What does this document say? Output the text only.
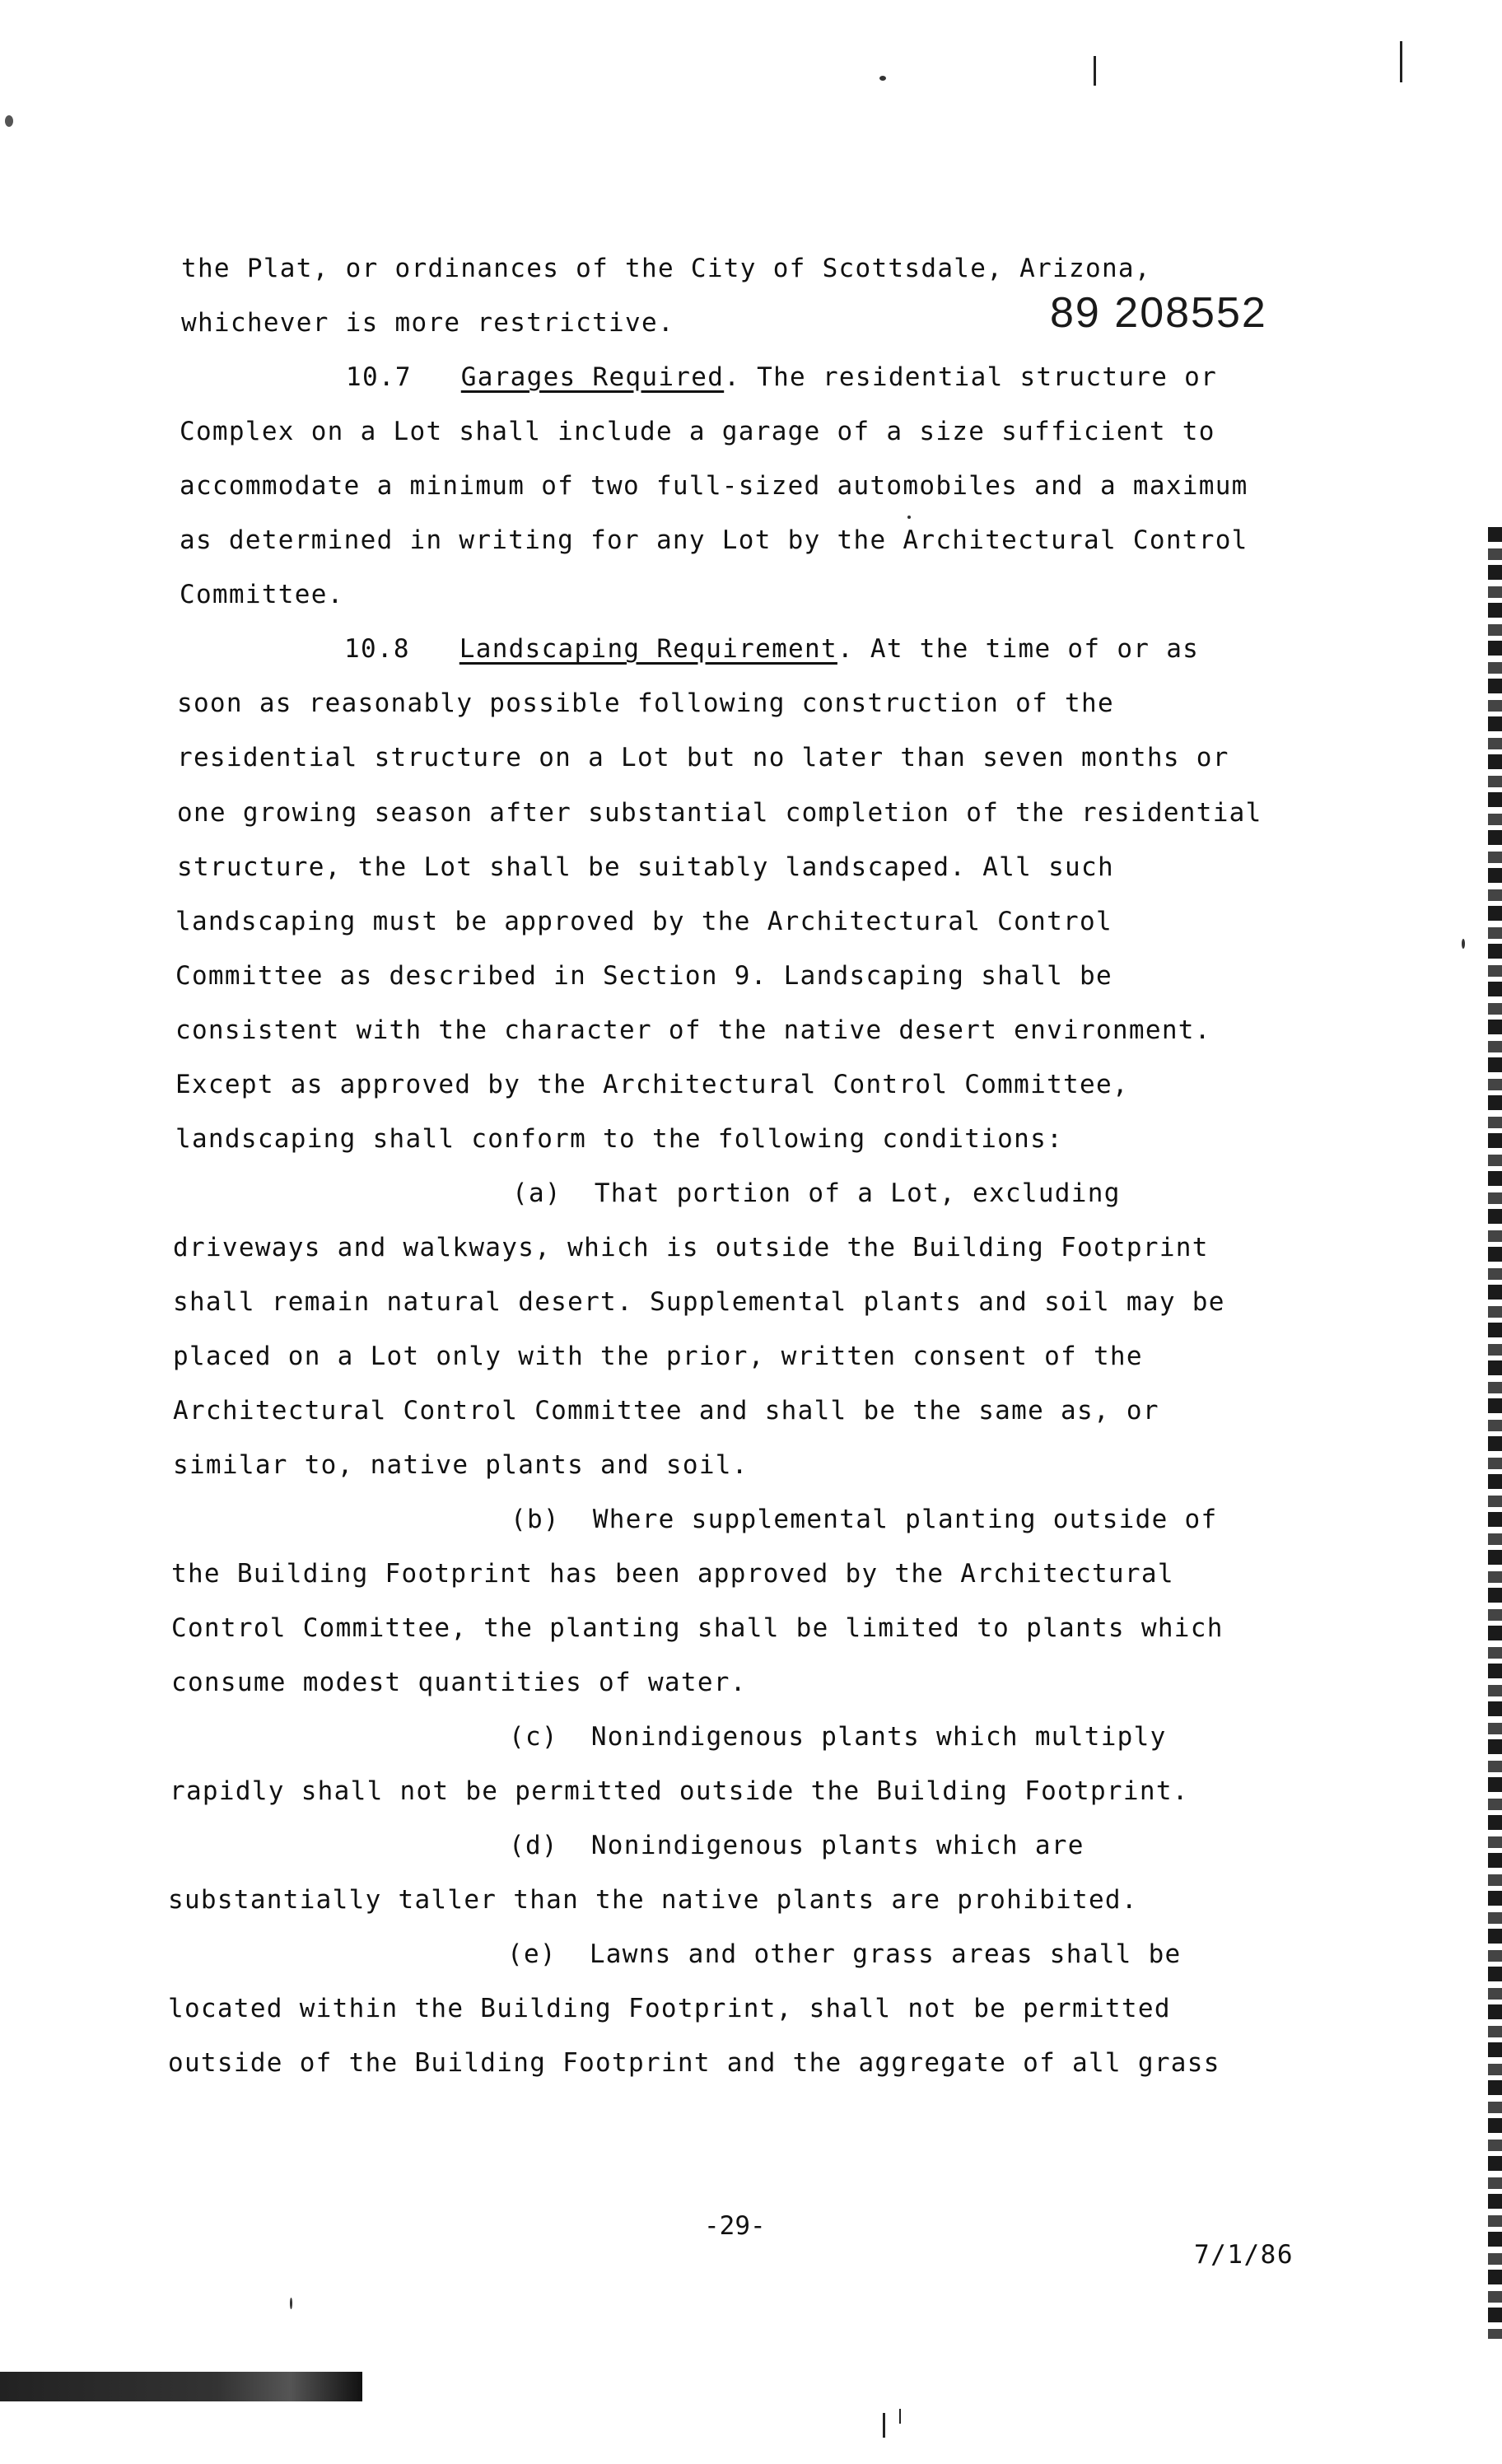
89 208552
the Plat, or ordinances of the City of Scottsdale, Arizona,
whichever is more restrictive.
10.7 Garages Required. The residential structure or
Complex on a Lot shall include a garage of a size sufficient to
accommodate a minimum of two full-sized automobiles and a maximum
as determined in writing for any Lot by the Architectural Control
Committee.
10.8 Landscaping Requirement. At the time of or as
soon as reasonably possible following construction of the
residential structure on a Lot but no later than seven months or
one growing season after substantial completion of the residential
structure, the Lot shall be suitably landscaped. All such
landscaping must be approved by the Architectural Control
Committee as described in Section 9. Landscaping shall be
consistent with the character of the native desert environment.
Except as approved by the Architectural Control Committee,
landscaping shall conform to the following conditions:
(a)  That portion of a Lot, excluding
driveways and walkways, which is outside the Building Footprint
shall remain natural desert. Supplemental plants and soil may be
placed on a Lot only with the prior, written consent of the
Architectural Control Committee and shall be the same as, or
similar to, native plants and soil.
(b)  Where supplemental planting outside of
the Building Footprint has been approved by the Architectural
Control Committee, the planting shall be limited to plants which
consume modest quantities of water.
(c)  Nonindigenous plants which multiply
rapidly shall not be permitted outside the Building Footprint.
(d)  Nonindigenous plants which are
substantially taller than the native plants are prohibited.
(e)  Lawns and other grass areas shall be
located within the Building Footprint, shall not be permitted
outside of the Building Footprint and the aggregate of all grass
-29-
7/1/86
